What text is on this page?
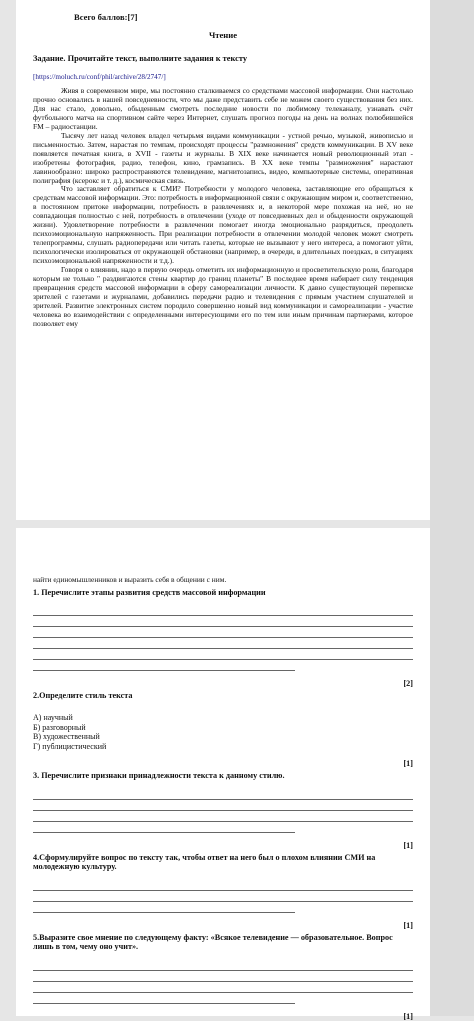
Всего баллов:[7]
Чтение
Задание. Прочитайте текст, выполните задания к тексту
[https://moluch.ru/conf/phil/archive/28/2747/]

Живя в современном мире, мы постоянно сталкиваемся со средствами массовой информации. Они настолько прочно основались в нашей повседневности, что мы даже представить себе не можем своего существования без них. Для нас стало, довольно, обыденным смотреть последние новости по любимому телеканалу, узнавать счёт футбольного матча на спортивном сайте через Интернет, слушать прогноз погоды на день на волнах полюбившейся FM – радиостанции.

Тысячу лет назад человек владел четырьмя видами коммуникации - устной речью, музыкой, живописью и письменностью. Затем, нарастая по темпам, происходят процессы "размножения" средств коммуникации. В XV веке появляется печатная книга, в XVII - газеты и журналы. В XIX веке начинается новый революционный этап - изобретены фотография, радио, телефон, кино, грамзапись. В XX веке темпы "размножения" нарастают лавинообразно: широко распространяются телевидение, магнитозапись, видео, компьютерные системы, оперативная полиграфия (ксерокс и т. д.), космическая связь.

Что заставляет обратиться к СМИ? Потребности у молодого человека, заставляющие его обращаться к средствам массовой информации. Это: потребность в информационной связи с окружающим миром и, соответственно, в постоянном притоке информации, потребность в развлечениях и, в некоторой мере похожая на неё, но не совпадающая полностью с ней, потребность в отвлечении (уходе от повседневных дел и обыденности окружающей жизни). Удовлетворение потребности в развлечении помогает иногда эмоционально разрядиться, преодолеть психоэмоциональную напряженность. При реализации потребности в отвлечении молодой человек может смотреть телепрограммы, слушать радиопередачи или читать газеты, которые не вызывают у него интереса, а помогают уйти, психологически изолироваться от окружающей обстановки (например, в очереди, в длительных поездках, в ситуациях психоэмоциональной напряженности и т.д.).

Говоря о влиянии, надо в первую очередь отметить их информационную и просветительскую роли, благодаря которым не только " раздвигаются стены квартир до границ планеты" В последнее время набирает силу тенденция превращения средств массовой информации в сферу самореализации личности. К давно существующей переписке зрителей с газетами и журналами, добавились передачи радио и телевидения с прямым участием слушателей и зрителей. Развитие электронных систем породило совершенно новый вид коммуникации и самореализации - участие человека во взаимодействии с определенными интересующими его по тем или иным причинам партнерами, которое позволяет ему

найти единомышленников и выразить себя в общении с ним.
1. Перечислите этапы развития средств массовой информации
[2]
2.Определите стиль текста
А) научный
Б) разговорный
В) художественный
Г) публицистический
[1]
3. Перечислите признаки принадлежности текста к данному стилю.
[1]
4.Сформулируйте вопрос по тексту так, чтобы ответ на него был о плохом влиянии СМИ на молодежную культуру.
[1]
5.Выразите свое мнение по следующему факту: «Всякое телевидение — образовательное. Вопрос лишь в том, чему оно учит».
[1]
